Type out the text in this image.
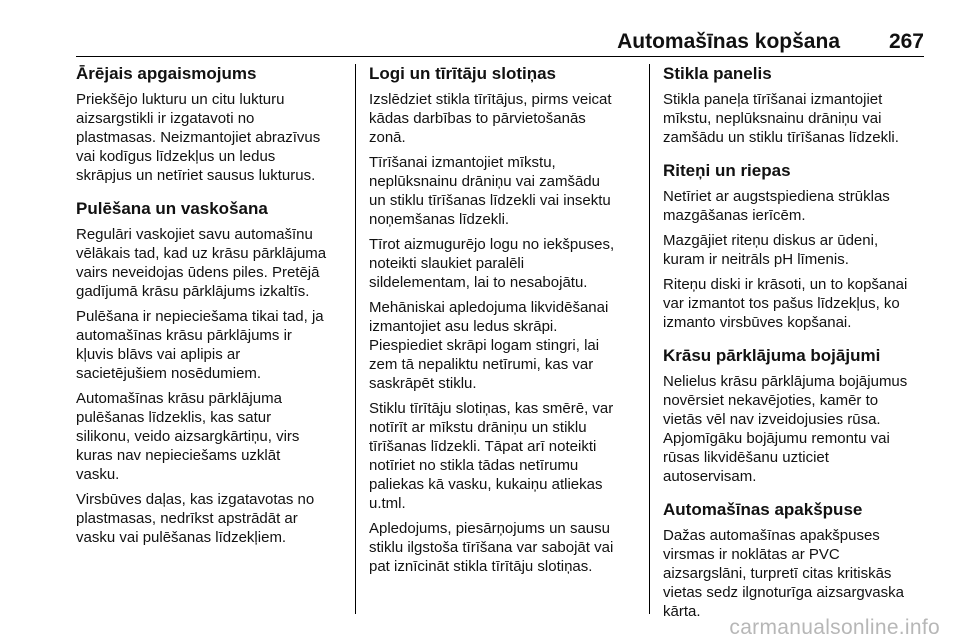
Automašīnas kopšana 267
Ārējais apgaismojums

Priekšējo lukturu un citu lukturu
aizsargstikli ir izgatavoti no
plastmasas. Neizmantojiet abrazīvus
vai kodīgus līdzekļus un ledus
skrāpjus un netīriet sausus lukturus.

Pulēšana un vaskošana

Regulāri vaskojiet savu automašīnu
vēlākais tad, kad uz krāsu pārklājuma
vairs neveidojas ūdens piles. Pretējā
gadījumā krāsu pārklājums izkaltīs.

Pulēšana ir nepieciešama tikai tad, ja
automašīnas krāsu pārklājums ir
kļuvis blāvs vai aplipis ar
sacietējušiem nosēdumiem.

Automašīnas krāsu pārklājuma
pulēšanas līdzeklis, kas satur
silikonu, veido aizsargkārtiņu, virs
kuras nav nepieciešams uzklāt
vasku.

Virsbūves daļas, kas izgatavotas no
plastmasas, nedrīkst apstrādāt ar
vasku vai pulēšanas līdzekļiem.

Logi un tīrītāju slotiņas

Izslēdziet stikla tīrītājus, pirms veicat
kādas darbības to pārvietošanās
zonā.

Tīrīšanai izmantojiet mīkstu,
neplūksnainu drāniņu vai zamšādu
un stiklu tīrīšanas līdzekli vai insektu
noņemšanas līdzekli.

Tīrot aizmugurējo logu no iekšpuses,
noteikti slaukiet paralēli
sildelementam, lai to nesabojātu.

Mehāniskai apledojuma likvidēšanai
izmantojiet asu ledus skrāpi.
Piespiediet skrāpi logam stingri, lai
zem tā nepaliktu netīrumi, kas var
saskrāpēt stiklu.

Stiklu tīrītāju slotiņas, kas smērē, var
notīrīt ar mīkstu drāniņu un stiklu
tīrīšanas līdzekli. Tāpat arī noteikti
notīriet no stikla tādas netīrumu
paliekas kā vasku, kukaiņu atliekas
u.tml.

Apledojums, piesārņojums un sausu
stiklu ilgstoša tīrīšana var sabojāt vai
pat iznīcināt stikla tīrītāju slotiņas.

Stikla panelis

Stikla paneļa tīrīšanai izmantojiet
mīkstu, neplūksnainu drāniņu vai
zamšādu un stiklu tīrīšanas līdzekli.

Riteņi un riepas

Netīriet ar augstspiediena strūklas
mazgāšanas ierīcēm.

Mazgājiet riteņu diskus ar ūdeni,
kuram ir neitrāls pH līmenis.

Riteņu diski ir krāsoti, un to kopšanai
var izmantot tos pašus līdzekļus, ko
izmanto virsbūves kopšanai.

Krāsu pārklājuma bojājumi

Nelielus krāsu pārklājuma bojājumus
novērsiet nekavējoties, kamēr to
vietās vēl nav izveidojusies rūsa.
Apjomīgāku bojājumu remontu vai
rūsas likvidēšanu uzticiet
autoservisam.

Automašīnas apakšpuse

Dažas automašīnas apakšpuses
virsmas ir noklātas ar PVC
aizsargslāni, turpretī citas kritiskās
vietas sedz ilgnoturīga aizsargvaska
kārta.

carmanualsonline.info
